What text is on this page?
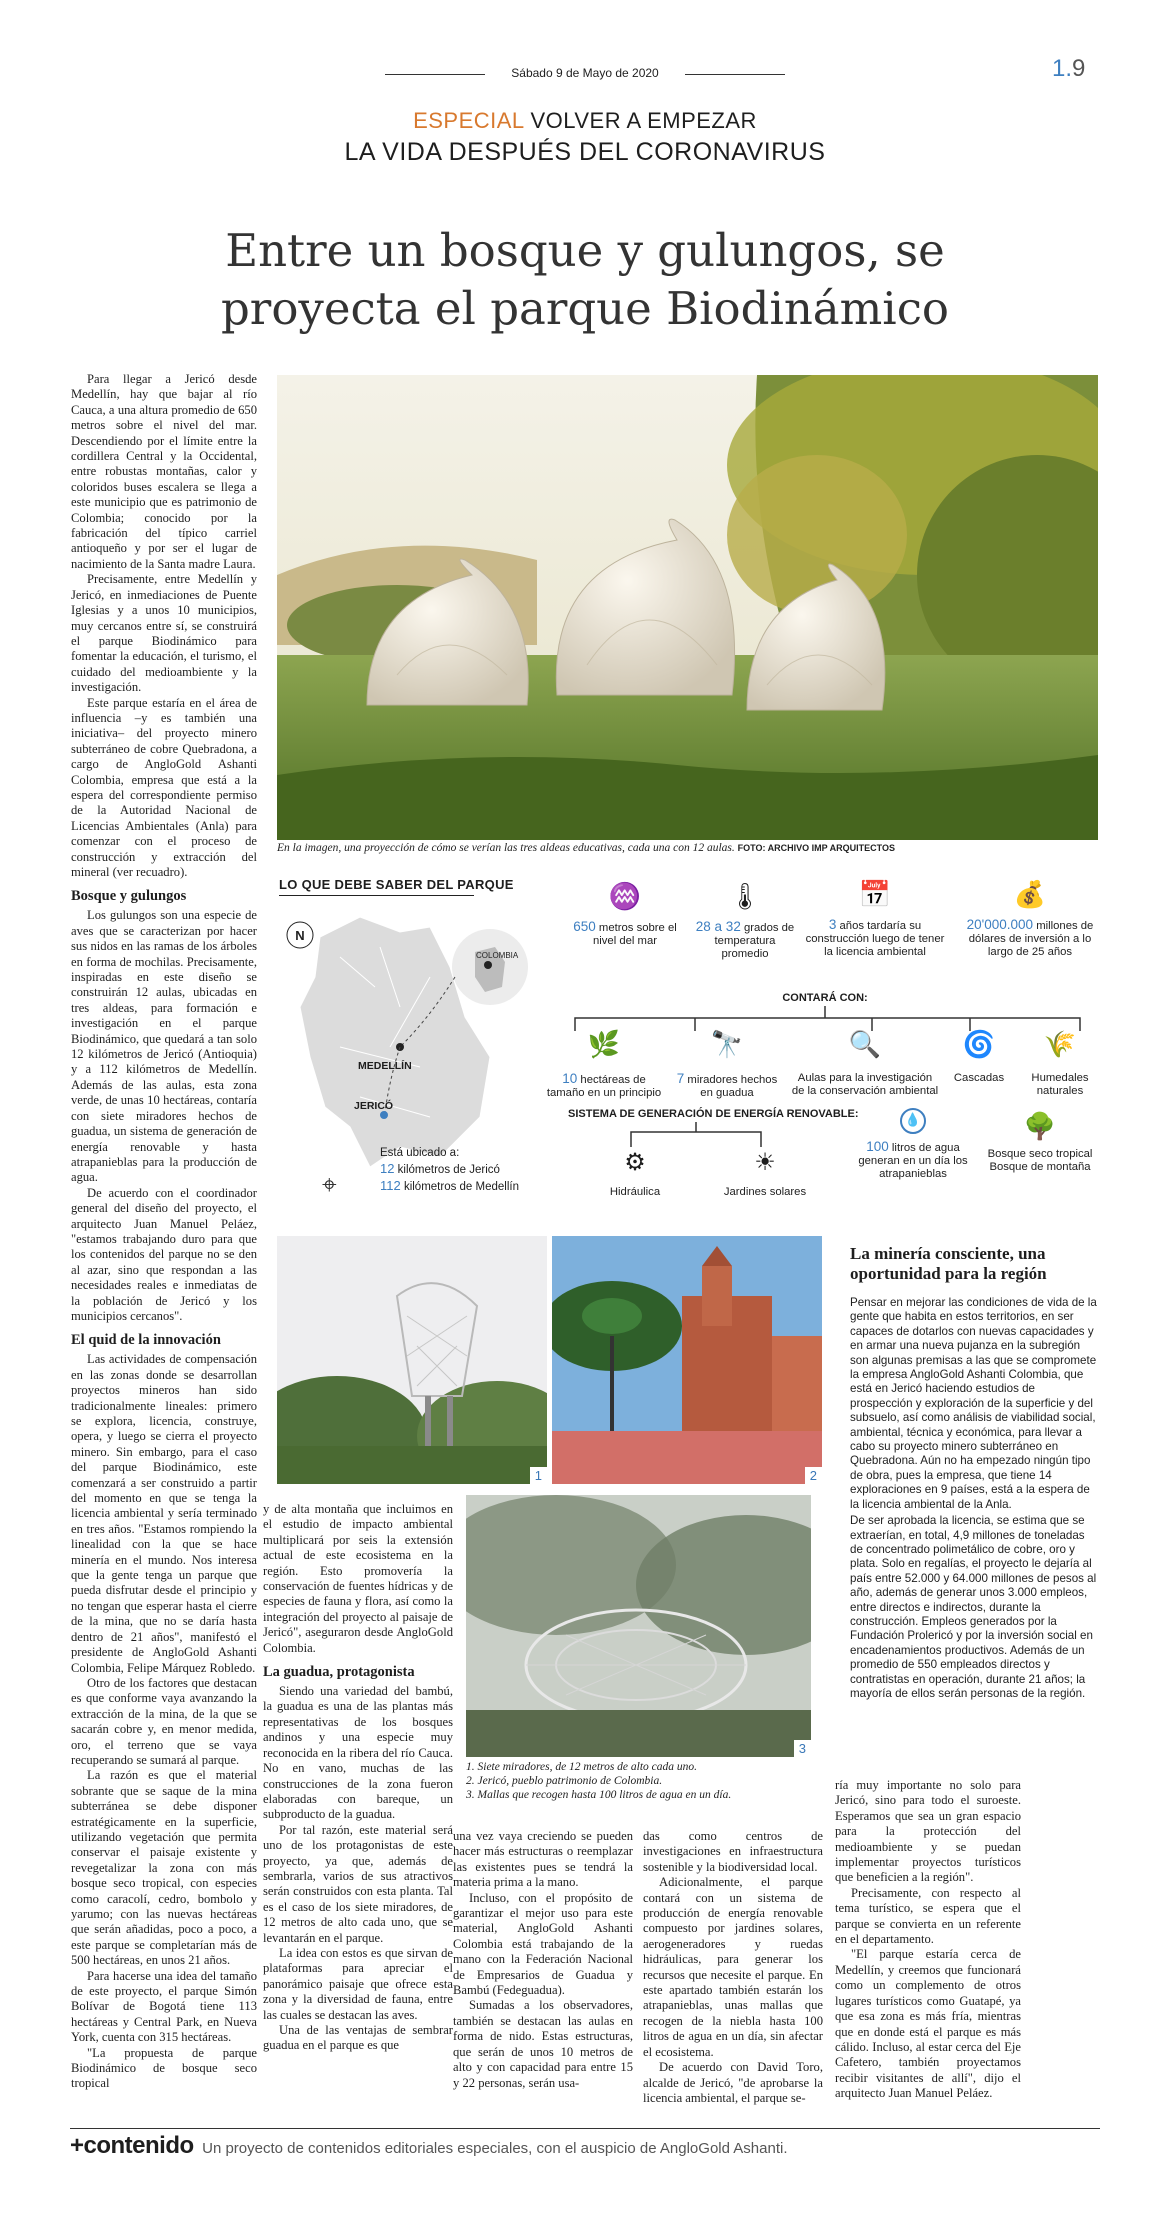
Sábado 9 de Mayo de 2020	1.9
ESPECIAL VOLVER A EMPEZAR
LA VIDA DESPUÉS DEL CORONAVIRUS
Entre un bosque y gulungos, se
proyecta el parque Biodinámico

Para llegar a Jericó desde Medellín, hay que bajar al río Cauca, a una altura promedio de 650 metros sobre el nivel del mar. Descendiendo por el límite entre la cordillera Central y la Occidental, entre robustas montañas, calor y coloridos buses escalera se llega a este municipio que es patrimonio de Colombia; conocido por la fabricación del típico carriel antioqueño y por ser el lugar de nacimiento de la Santa madre Laura.

Precisamente, entre Medellín y Jericó, en inmediaciones de Puente Iglesias y a unos 10 municipios, muy cercanos entre sí, se construirá el parque Biodinámico para fomentar la educación, el turismo, el cuidado del medioambiente y la investigación.

Este parque estaría en el área de influencia –y es también una iniciativa– del proyecto minero subterráneo de cobre Quebradona, a cargo de AngloGold Ashanti Colombia, empresa que está a la espera del correspondiente permiso de la Autoridad Nacional de Licencias Ambientales (Anla) para comenzar con el proceso de construcción y extracción del mineral (ver recuadro).

Bosque y gulungos

Los gulungos son una especie de aves que se caracterizan por hacer sus nidos en las ramas de los árboles en forma de mochilas. Precisamente, inspiradas en este diseño se construirán 12 aulas, ubicadas en tres aldeas, para formación e investigación en el parque Biodinámico, que quedará a tan solo 12 kilómetros de Jericó (Antioquia) y a 112 kilómetros de Medellín. Además de las aulas, esta zona verde, de unas 10 hectáreas, contaría con siete miradores hechos de guadua, un sistema de generación de energía renovable y hasta atrapanieblas para la producción de agua.

De acuerdo con el coordinador general del diseño del proyecto, el arquitecto Juan Manuel Peláez, "estamos trabajando duro para que los contenidos del parque no se den al azar, sino que respondan a las necesidades reales e inmediatas de la población de Jericó y los municipios cercanos".

El quid de la innovación

Las actividades de compensación en las zonas donde se desarrollan proyectos mineros han sido tradicionalmente lineales: primero se explora, licencia, construye, opera, y luego se cierra el proyecto minero. Sin embargo, para el caso del parque Biodinámico, este comenzará a ser construido a partir del momento en que se tenga la licencia ambiental y sería terminado en tres años. "Estamos rompiendo la linealidad con la que se hace minería en el mundo. Nos interesa que la gente tenga un parque que pueda disfrutar desde el principio y no tengan que esperar hasta el cierre de la mina, que no se daría hasta dentro de 21 años", manifestó el presidente de AngloGold Ashanti Colombia, Felipe Márquez Robledo.

Otro de los factores que destacan es que conforme vaya avanzando la extracción de la mina, de la que se sacarán cobre y, en menor medida, oro, el terreno que se vaya recuperando se sumará al parque.

La razón es que el material sobrante que se saque de la mina subterránea se debe disponer estratégicamente en la superficie, utilizando vegetación que permita conservar el paisaje existente y revegetalizar la zona con más bosque seco tropical, con especies como caracolí, cedro, bombolo y yarumo; con las nuevas hectáreas que serán añadidas, poco a poco, a este parque se completarían más de 500 hectáreas, en unos 21 años.

Para hacerse una idea del tamaño de este proyecto, el parque Simón Bolívar de Bogotá tiene 113 hectáreas y Central Park, en Nueva York, cuenta con 315 hectáreas.

"La propuesta de parque Biodinámico de bosque seco tropical

En la imagen, una proyección de cómo se verían las tres aldeas educativas, cada una con 12 aulas. FOTO: ARCHIVO IMP ARQUITECTOS
LO QUE DEBE SABER DEL PARQUE
N
COLOMBIA
MEDELLÍN
JERICÓ
⌖
Está ubicado a:
12 kilómetros de Jericó
112 kilómetros de Medellín
♒
650 metros sobre el nivel del mar
🌡
28 a 32 grados de temperatura promedio
📅
3 años tardaría su construcción luego de tener la licencia ambiental
💰
20'000.000 millones de dólares de inversión a lo largo de 25 años
CONTARÁ CON:
🌿
10 hectáreas de tamaño en un principio
🔭
7 miradores hechos en guadua
🔍
Aulas para la investigación de la conservación ambiental
🌀
Cascadas
🌾
Humedales naturales
SISTEMA DE GENERACIÓN DE ENERGÍA RENOVABLE:
⚙
Hidráulica
☀
Jardines solares
💧
100 litros de agua generan en un día los atrapanieblas
🌳
Bosque seco tropical Bosque de montaña
1	2
3
1. Siete miradores, de 12 metros de alto cada uno.
2. Jericó, pueblo patrimonio de Colombia.
3. Mallas que recogen hasta 100 litros de agua en un día.
La minería consciente, una oportunidad para la región

Pensar en mejorar las condiciones de vida de la gente que habita en estos territorios, en ser capaces de dotarlos con nuevas capacidades y en armar una nueva pujanza en la subregión son algunas premisas a las que se compromete la empresa AngloGold Ashanti Colombia, que está en Jericó haciendo estudios de prospección y exploración de la superficie y del subsuelo, así como análisis de viabilidad social, ambiental, técnica y económica, para llevar a cabo su proyecto minero subterráneo en Quebradona. Aún no ha empezado ningún tipo de obra, pues la empresa, que tiene 14 exploraciones en 9 países, está a la espera de la licencia ambiental de la Anla.

De ser aprobada la licencia, se estima que se extraerían, en total, 4,9 millones de toneladas de concentrado polimetálico de cobre, oro y plata. Solo en regalías, el proyecto le dejaría al país entre 52.000 y 64.000 millones de pesos al año, además de generar unos 3.000 empleos, entre directos e indirectos, durante la construcción. Empleos generados por la Fundación Prolericó y por la inversión social en encadenamientos productivos. Además de un promedio de 550 empleados directos y contratistas en operación, durante 21 años; la mayoría de ellos serán personas de la región.

y de alta montaña que incluimos en el estudio de impacto ambiental multiplicará por seis la extensión actual de este ecosistema en la región. Esto promovería la conservación de fuentes hídricas y de especies de fauna y flora, así como la integración del proyecto al paisaje de Jericó", aseguraron desde AngloGold Colombia.

La guadua, protagonista

Siendo una variedad del bambú, la guadua es una de las plantas más representativas de los bosques andinos y una especie muy reconocida en la ribera del río Cauca. No en vano, muchas de las construcciones de la zona fueron elaboradas con bareque, un subproducto de la guadua.

Por tal razón, este material será uno de los protagonistas de este proyecto, ya que, además de sembrarla, varios de sus atractivos serán construidos con esta planta. Tal es el caso de los siete miradores, de 12 metros de alto cada uno, que se levantarán en el parque.

La idea con estos es que sirvan de plataformas para apreciar el panorámico paisaje que ofrece esta zona y la diversidad de fauna, entre las cuales se destacan las aves.

Una de las ventajas de sembrar guadua en el parque es que

una vez vaya creciendo se pueden hacer más estructuras o reemplazar las existentes pues se tendrá la materia prima a la mano.

Incluso, con el propósito de garantizar el mejor uso para este material, AngloGold Ashanti Colombia está trabajando de la mano con la Federación Nacional de Empresarios de Guadua y Bambú (Fedeguadua).

Sumadas a los observadores, también se destacan las aulas en forma de nido. Estas estructuras, que serán de unos 10 metros de alto y con capacidad para entre 15 y 22 personas, serán usa-

das como centros de investigaciones en infraestructura sostenible y la biodiversidad local.

Adicionalmente, el parque contará con un sistema de producción de energía renovable compuesto por jardines solares, aerogeneradores y ruedas hidráulicas, para generar los recursos que necesite el parque. En este apartado también estarán los atrapanieblas, unas mallas que recogen de la niebla hasta 100 litros de agua en un día, sin afectar el ecosistema.

De acuerdo con David Toro, alcalde de Jericó, "de aprobarse la licencia ambiental, el parque se-

ría muy importante no solo para Jericó, sino para todo el suroeste. Esperamos que sea un gran espacio para la protección del medioambiente y se puedan implementar proyectos turísticos que beneficien a la región".

Precisamente, con respecto al tema turístico, se espera que el parque se convierta en un referente en el departamento.

"El parque estaría cerca de Medellín, y creemos que funcionará como un complemento de otros lugares turísticos como Guatapé, ya que esa zona es más fría, mientras que en donde está el parque es más cálido. Incluso, al estar cerca del Eje Cafetero, también proyectamos recibir visitantes de allí", dijo el arquitecto Juan Manuel Peláez.

+contenido Un proyecto de contenidos editoriales especiales, con el auspicio de AngloGold Ashanti.
